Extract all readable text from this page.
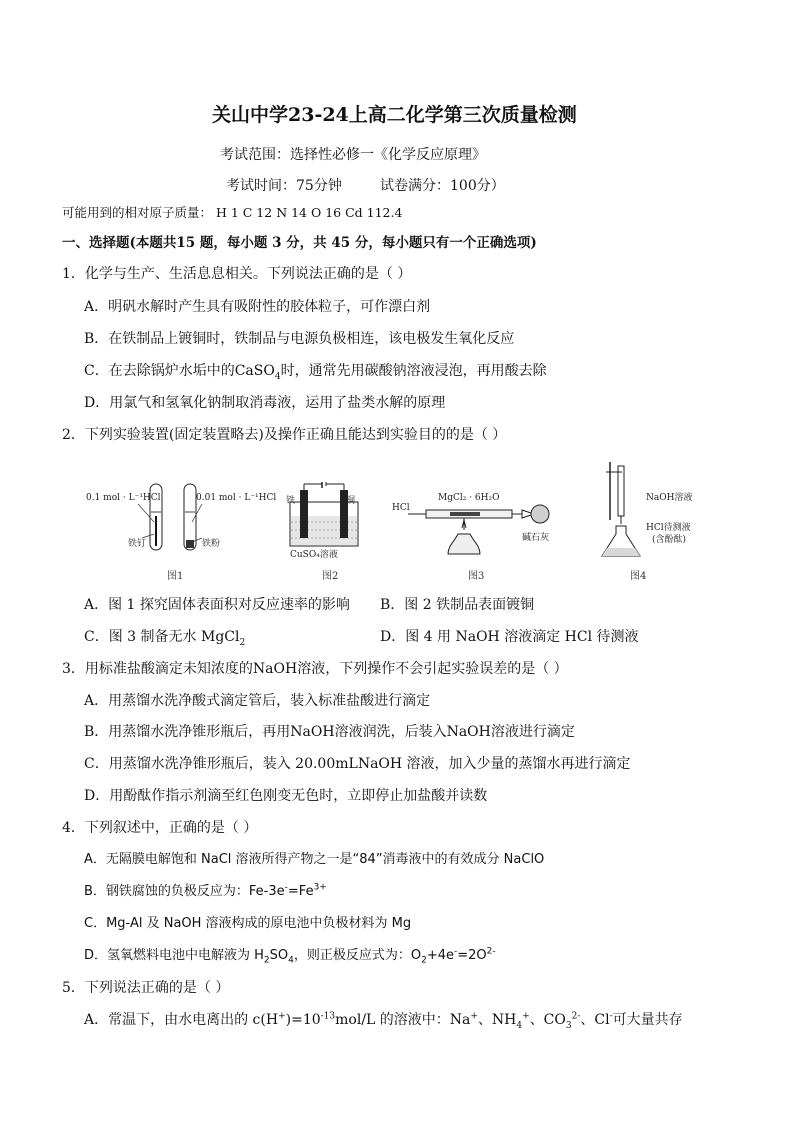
关山中学23-24上高二化学第三次质量检测
考试范围：选择性必修一《化学反应原理》
考试时间：75分钟	试卷满分：100分）
可能用到的相对原子质量： H 1 C 12 N 14 O 16 Cd 112.4
一、选择题(本题共15 题，每小题 3 分，共 45 分，每小题只有一个正确选项)
1．化学与生产、生活息息相关。下列说法正确的是（ ）
A．明矾水解时产生具有吸附性的胶体粒子，可作漂白剂
B．在铁制品上镀铜时，铁制品与电源负极相连，该电极发生氧化反应
C．在去除锅炉水垢中的CaSO$_4$时，通常先用碳酸钠溶液浸泡，再用酸去除
D．用氯气和氢氧化钠制取消毒液，运用了盐类水解的原理
2．下列实验装置(固定装置略去)及操作正确且能达到实验目的的是（ ）
0.1 mol · L⁻¹HCl	0.01 mol · L⁻¹HCl
铁钉	铁粉
图1
铁	铜
CuSO₄溶液
图2
HCl
MgCl₂ · 6H₂O
碱石灰
图3
NaOH溶液
HCl待测液
(含酚酞)
图4
A．图 1 探究固体表面积对反应速率的影响 B．图 2 铁制品表面镀铜
C．图 3 制备无水 MgCl$_2$	D．图 4 用 NaOH 溶液滴定 HCl 待测液
3．用标准盐酸滴定未知浓度的NaOH溶液，下列操作不会引起实验误差的是（ ）
A．用蒸馏水洗净酸式滴定管后，装入标准盐酸进行滴定
B．用蒸馏水洗净锥形瓶后，再用NaOH溶液润洗，后装入NaOH溶液进行滴定
C．用蒸馏水洗净锥形瓶后，装入 20.00mLNaOH 溶液，加入少量的蒸馏水再进行滴定
D．用酚酞作指示剂滴至红色刚变无色时，立即停止加盐酸并读数
4．下列叙述中，正确的是（ ）
A．无隔膜电解饱和 NaCl 溶液所得产物之一是“84”消毒液中的有效成分 NaClO
B．钢铁腐蚀的负极反应为：$Fe-3e^-=Fe^{3+}$
C．Mg-Al 及 NaOH 溶液构成的原电池中负极材料为 Mg
D．氢氧燃料电池中电解液为 $H_2SO_4$，则正极反应式为：$O_2+4e^-=2O^{2-}$
5．下列说法正确的是（ ）
A．常温下，由水电离出的 $c(H^+)=10^{-13}mol/L$ 的溶液中：Na+、$NH_4^+$、$CO_3^{2-}$、Cl-可大量共存
